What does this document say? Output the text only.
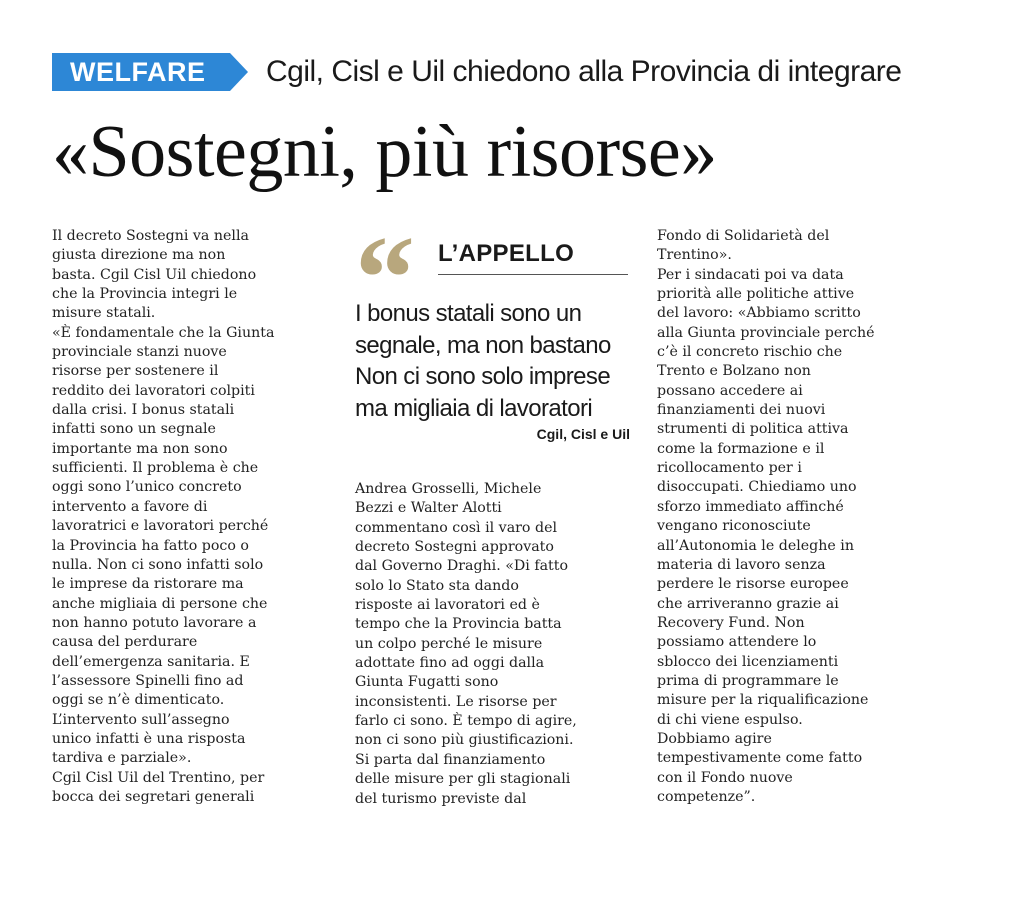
WELFARE	Cgil, Cisl e Uil chiedono alla Provincia di integrare
«Sostegni, più risorse»
Il decreto Sostegni va nella
giusta direzione ma non
basta. Cgil Cisl Uil chiedono
che la Provincia integri le
misure statali.
«È fondamentale che la Giunta
provinciale stanzi nuove
risorse per sostenere il
reddito dei lavoratori colpiti
dalla crisi. I bonus statali
infatti sono un segnale
importante ma non sono
sufficienti. Il problema è che
oggi sono l’unico concreto
intervento a favore di
lavoratrici e lavoratori perché
la Provincia ha fatto poco o
nulla. Non ci sono infatti solo
le imprese da ristorare ma
anche migliaia di persone che
non hanno potuto lavorare a
causa del perdurare
dell’emergenza sanitaria. E
l’assessore Spinelli fino ad
oggi se n’è dimenticato.
L’intervento sull’assegno
unico infatti è una risposta
tardiva e parziale».
Cgil Cisl Uil del Trentino, per
bocca dei segretari generali
“ L’APPELLO
I bonus statali sono un
segnale, ma non bastano
Non ci sono solo imprese
ma migliaia di lavoratori
Cgil, Cisl e Uil
Andrea Grosselli, Michele
Bezzi e Walter Alotti
commentano così il varo del
decreto Sostegni approvato
dal Governo Draghi. «Di fatto
solo lo Stato sta dando
risposte ai lavoratori ed è
tempo che la Provincia batta
un colpo perché le misure
adottate fino ad oggi dalla
Giunta Fugatti sono
inconsistenti. Le risorse per
farlo ci sono. È tempo di agire,
non ci sono più giustificazioni.
Si parta dal finanziamento
delle misure per gli stagionali
del turismo previste dal
Fondo di Solidarietà del
Trentino».
Per i sindacati poi va data
priorità alle politiche attive
del lavoro: «Abbiamo scritto
alla Giunta provinciale perché
c’è il concreto rischio che
Trento e Bolzano non
possano accedere ai
finanziamenti dei nuovi
strumenti di politica attiva
come la formazione e il
ricollocamento per i
disoccupati. Chiediamo uno
sforzo immediato affinché
vengano riconosciute
all’Autonomia le deleghe in
materia di lavoro senza
perdere le risorse europee
che arriveranno grazie ai
Recovery Fund. Non
possiamo attendere lo
sblocco dei licenziamenti
prima di programmare le
misure per la riqualificazione
di chi viene espulso.
Dobbiamo agire
tempestivamente come fatto
con il Fondo nuove
competenze”.
